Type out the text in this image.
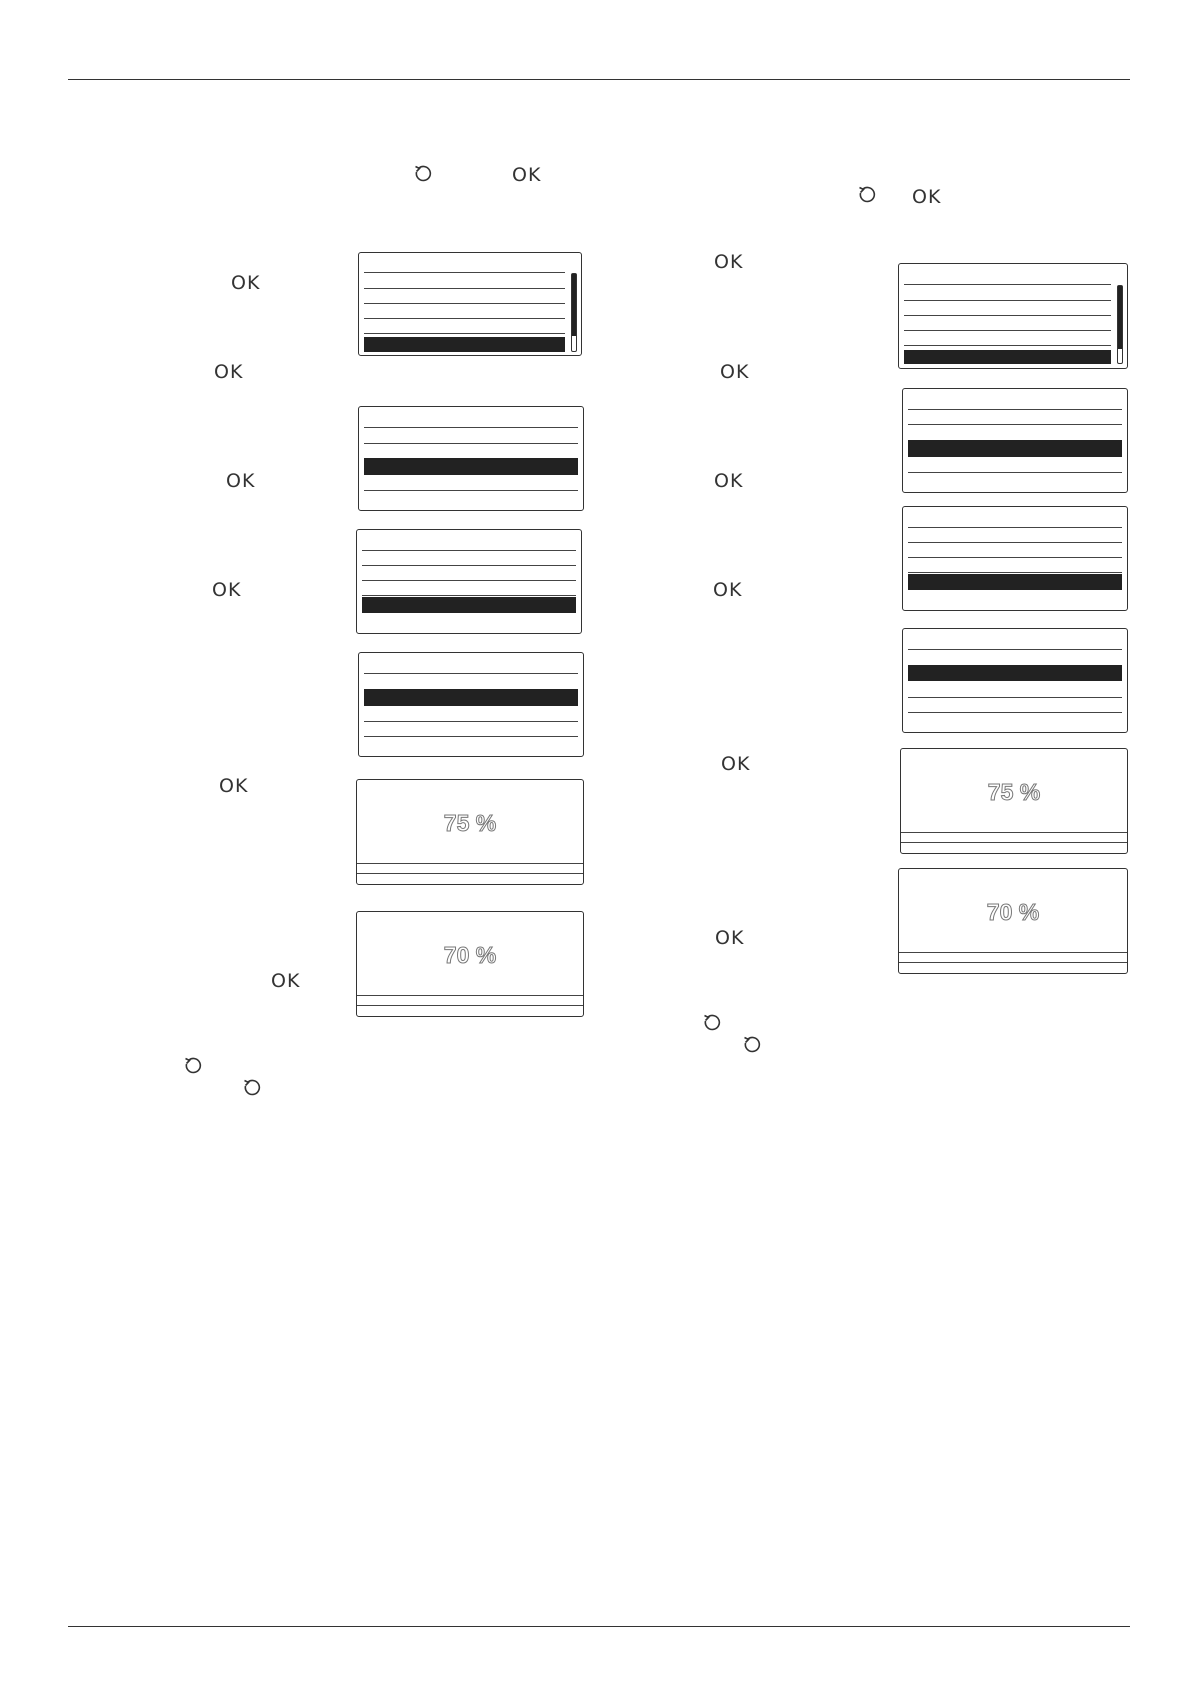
OK
OK
OK
OK
OK
OK
OK
75 %
70 %
OK
OK
OK
OK
OK
OK
OK
75 %
70 %
